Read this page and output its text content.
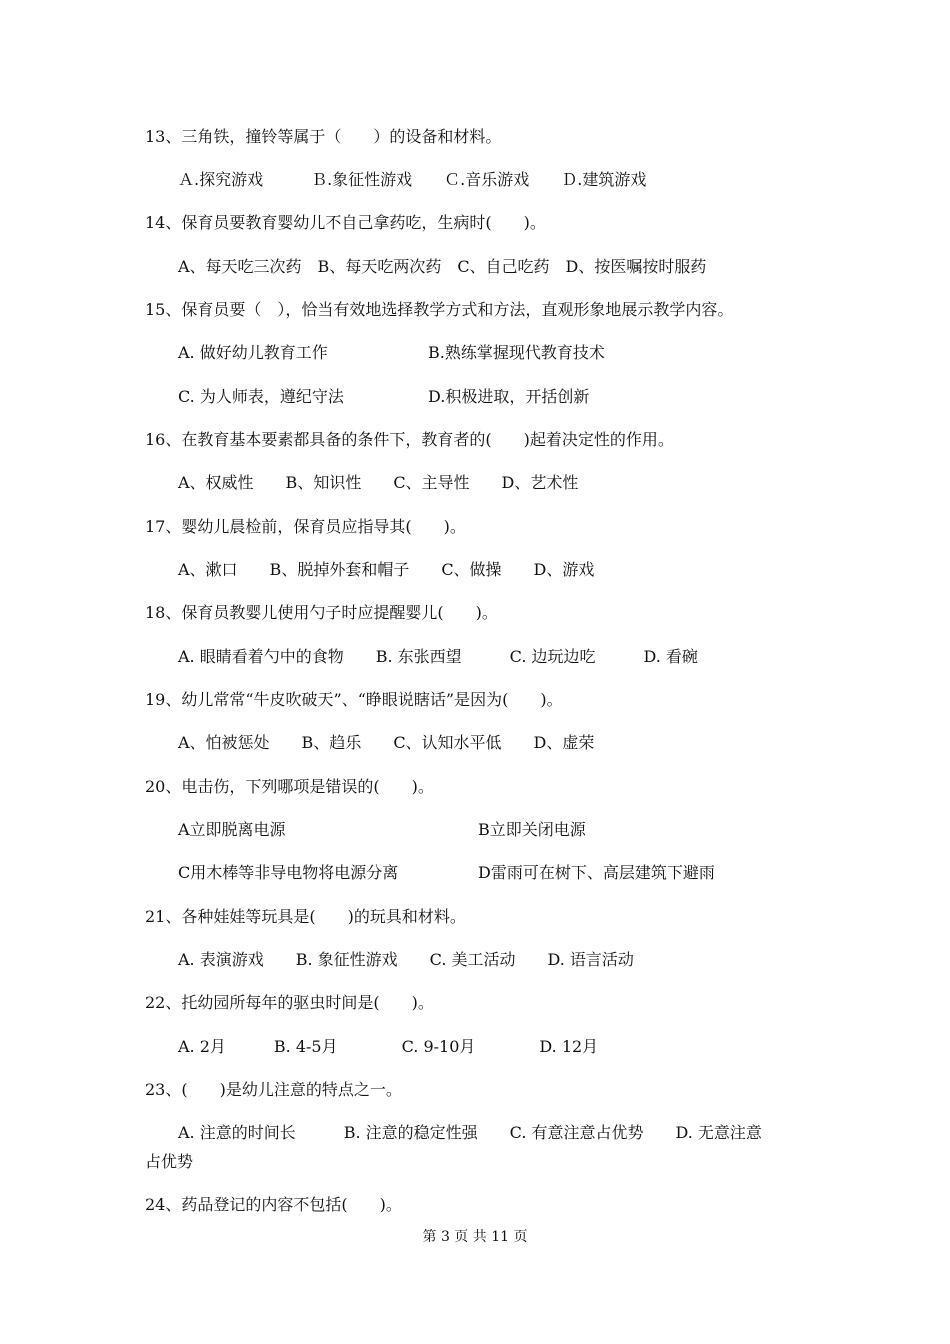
13、三角铁，撞铃等属于（　　）的设备和材料。
Ａ.探究游戏　　　Ｂ.象征性游戏　　Ｃ.音乐游戏　　Ｄ.建筑游戏
14、保育员要教育婴幼儿不自己拿药吃，生病时(　　)。
A、每天吃三次药　B、每天吃两次药　C、自己吃药　D、按医嘱按时服药
15、保育员要（　），恰当有效地选择教学方式和方法，直观形象地展示教学内容。
A. 做好幼儿教育工作	B.熟练掌握现代教育技术
C. 为人师表，遵纪守法	D.积极进取，开括创新
16、在教育基本要素都具备的条件下，教育者的(　　)起着决定性的作用。
A、权威性　　B、知识性　　C、主导性　　D、艺术性
17、婴幼儿晨检前，保育员应指导其(　　)。
A、漱口　　B、脱掉外套和帽子　　C、做操　　D、游戏
18、保育员教婴儿使用勺子时应提醒婴儿(　　)。
A. 眼睛看着勺中的食物　　B. 东张西望　　　C. 边玩边吃　　　D. 看碗
19、幼儿常常“牛皮吹破天”、“睁眼说瞎话”是因为(　　)。
A、怕被惩处　　B、趋乐　　C、认知水平低　　D、虚荣
20、电击伤，下列哪项是错误的(　　)。
A立即脱离电源	B立即关闭电源
C用木棒等非导电物将电源分离	D雷雨可在树下、高层建筑下避雨
21、各种娃娃等玩具是(　　)的玩具和材料。
A. 表演游戏　　B. 象征性游戏　　C. 美工活动　　D. 语言活动
22、托幼园所每年的驱虫时间是(　　)。
A. 2月　　　B. 4-5月　　　　C. 9-10月　　　　D. 12月
23、(　　)是幼儿注意的特点之一。
A. 注意的时间长　　　B. 注意的稳定性强　　C. 有意注意占优势　　D. 无意注意
占优势
24、药品登记的内容不包括(　　)。
第 3 页 共 11 页
